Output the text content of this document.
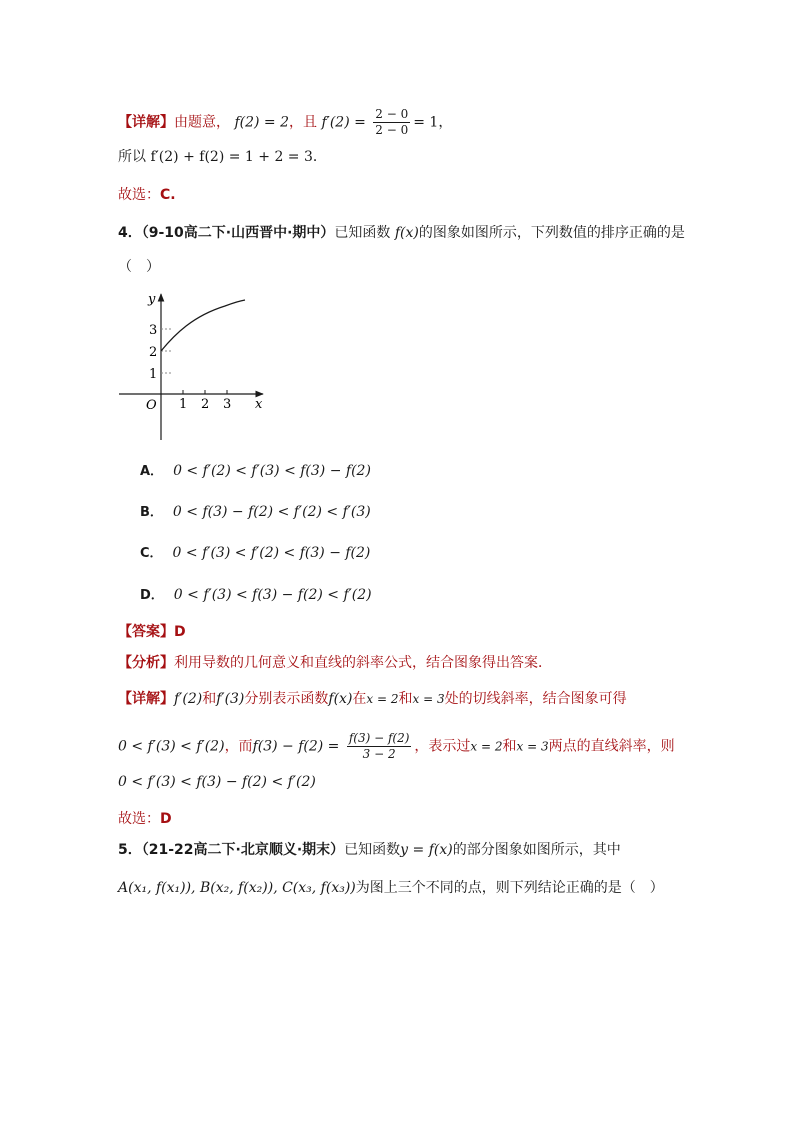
【详解】由题意， f(2) = 2，且 $f'(2) = \frac{2 - 0}{2 - 0} = 1$，
所以 f′(2) + f(2) = 1 + 2 = 3．
故选：C.
4．（9-10高二下·山西晋中·期中）已知函数 f(x)的图象如图所示，下列数值的排序正确的是
（　）
y
x
O
3
2
1
1 2 3
A． 0 < f′(2) < f′(3) < f(3) − f(2)
B． 0 < f(3) − f(2) < f′(2) < f′(3)
C． 0 < f′(3) < f′(2) < f(3) − f(2)
D． 0 < f′(3) < f(3) − f(2) < f′(2)
【答案】D
【分析】利用导数的几何意义和直线的斜率公式，结合图象得出答案．
【详解】f′(2)和f′(3)分别表示函数f(x)在x = 2和x = 3处的切线斜率，结合图象可得
0 < f′(3) < f′(2)，而$f(3) - f(2) = \frac{f(3) - f(2)}{3 - 2}$ ，表示过x = 2和x = 3两点的直线斜率，则
0 < f′(3) < f(3) − f(2) < f′(2)
故选：D
5．（21-22高二下·北京顺义·期末）已知函数y = f(x)的部分图象如图所示，其中
A(x₁, f(x₁)), B(x₂, f(x₂)), C(x₃, f(x₃))为图上三个不同的点，则下列结论正确的是（　）
